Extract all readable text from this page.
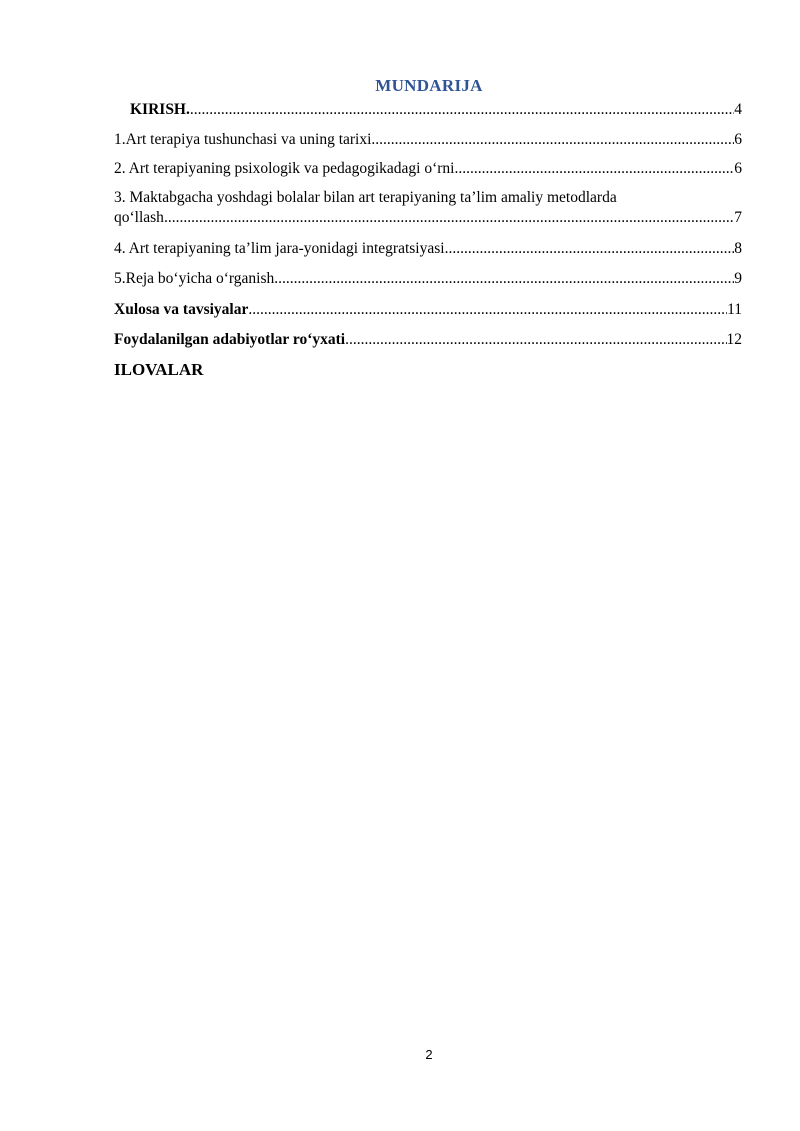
MUNDARIJA
KIRISH. .....	4
1.Art terapiya tushunchasi va uning tarixi .....	6
2. Art terapiyaning psixologik va pedagogikadagi o‘rni .....	6
3. Maktabgacha yoshdagi bolalar bilan art terapiyaning ta’lim amaliy metodlarda
qo‘llash .....	7
4. Art terapiyaning ta’lim jara-yonidagi integratsiyasi .....	8
5.Reja bo‘yicha o‘rganish .....	9
Xulosa va tavsiyalar .....	11
Foydalanilgan adabiyotlar ro‘yxati .....	12
ILOVALAR
2
